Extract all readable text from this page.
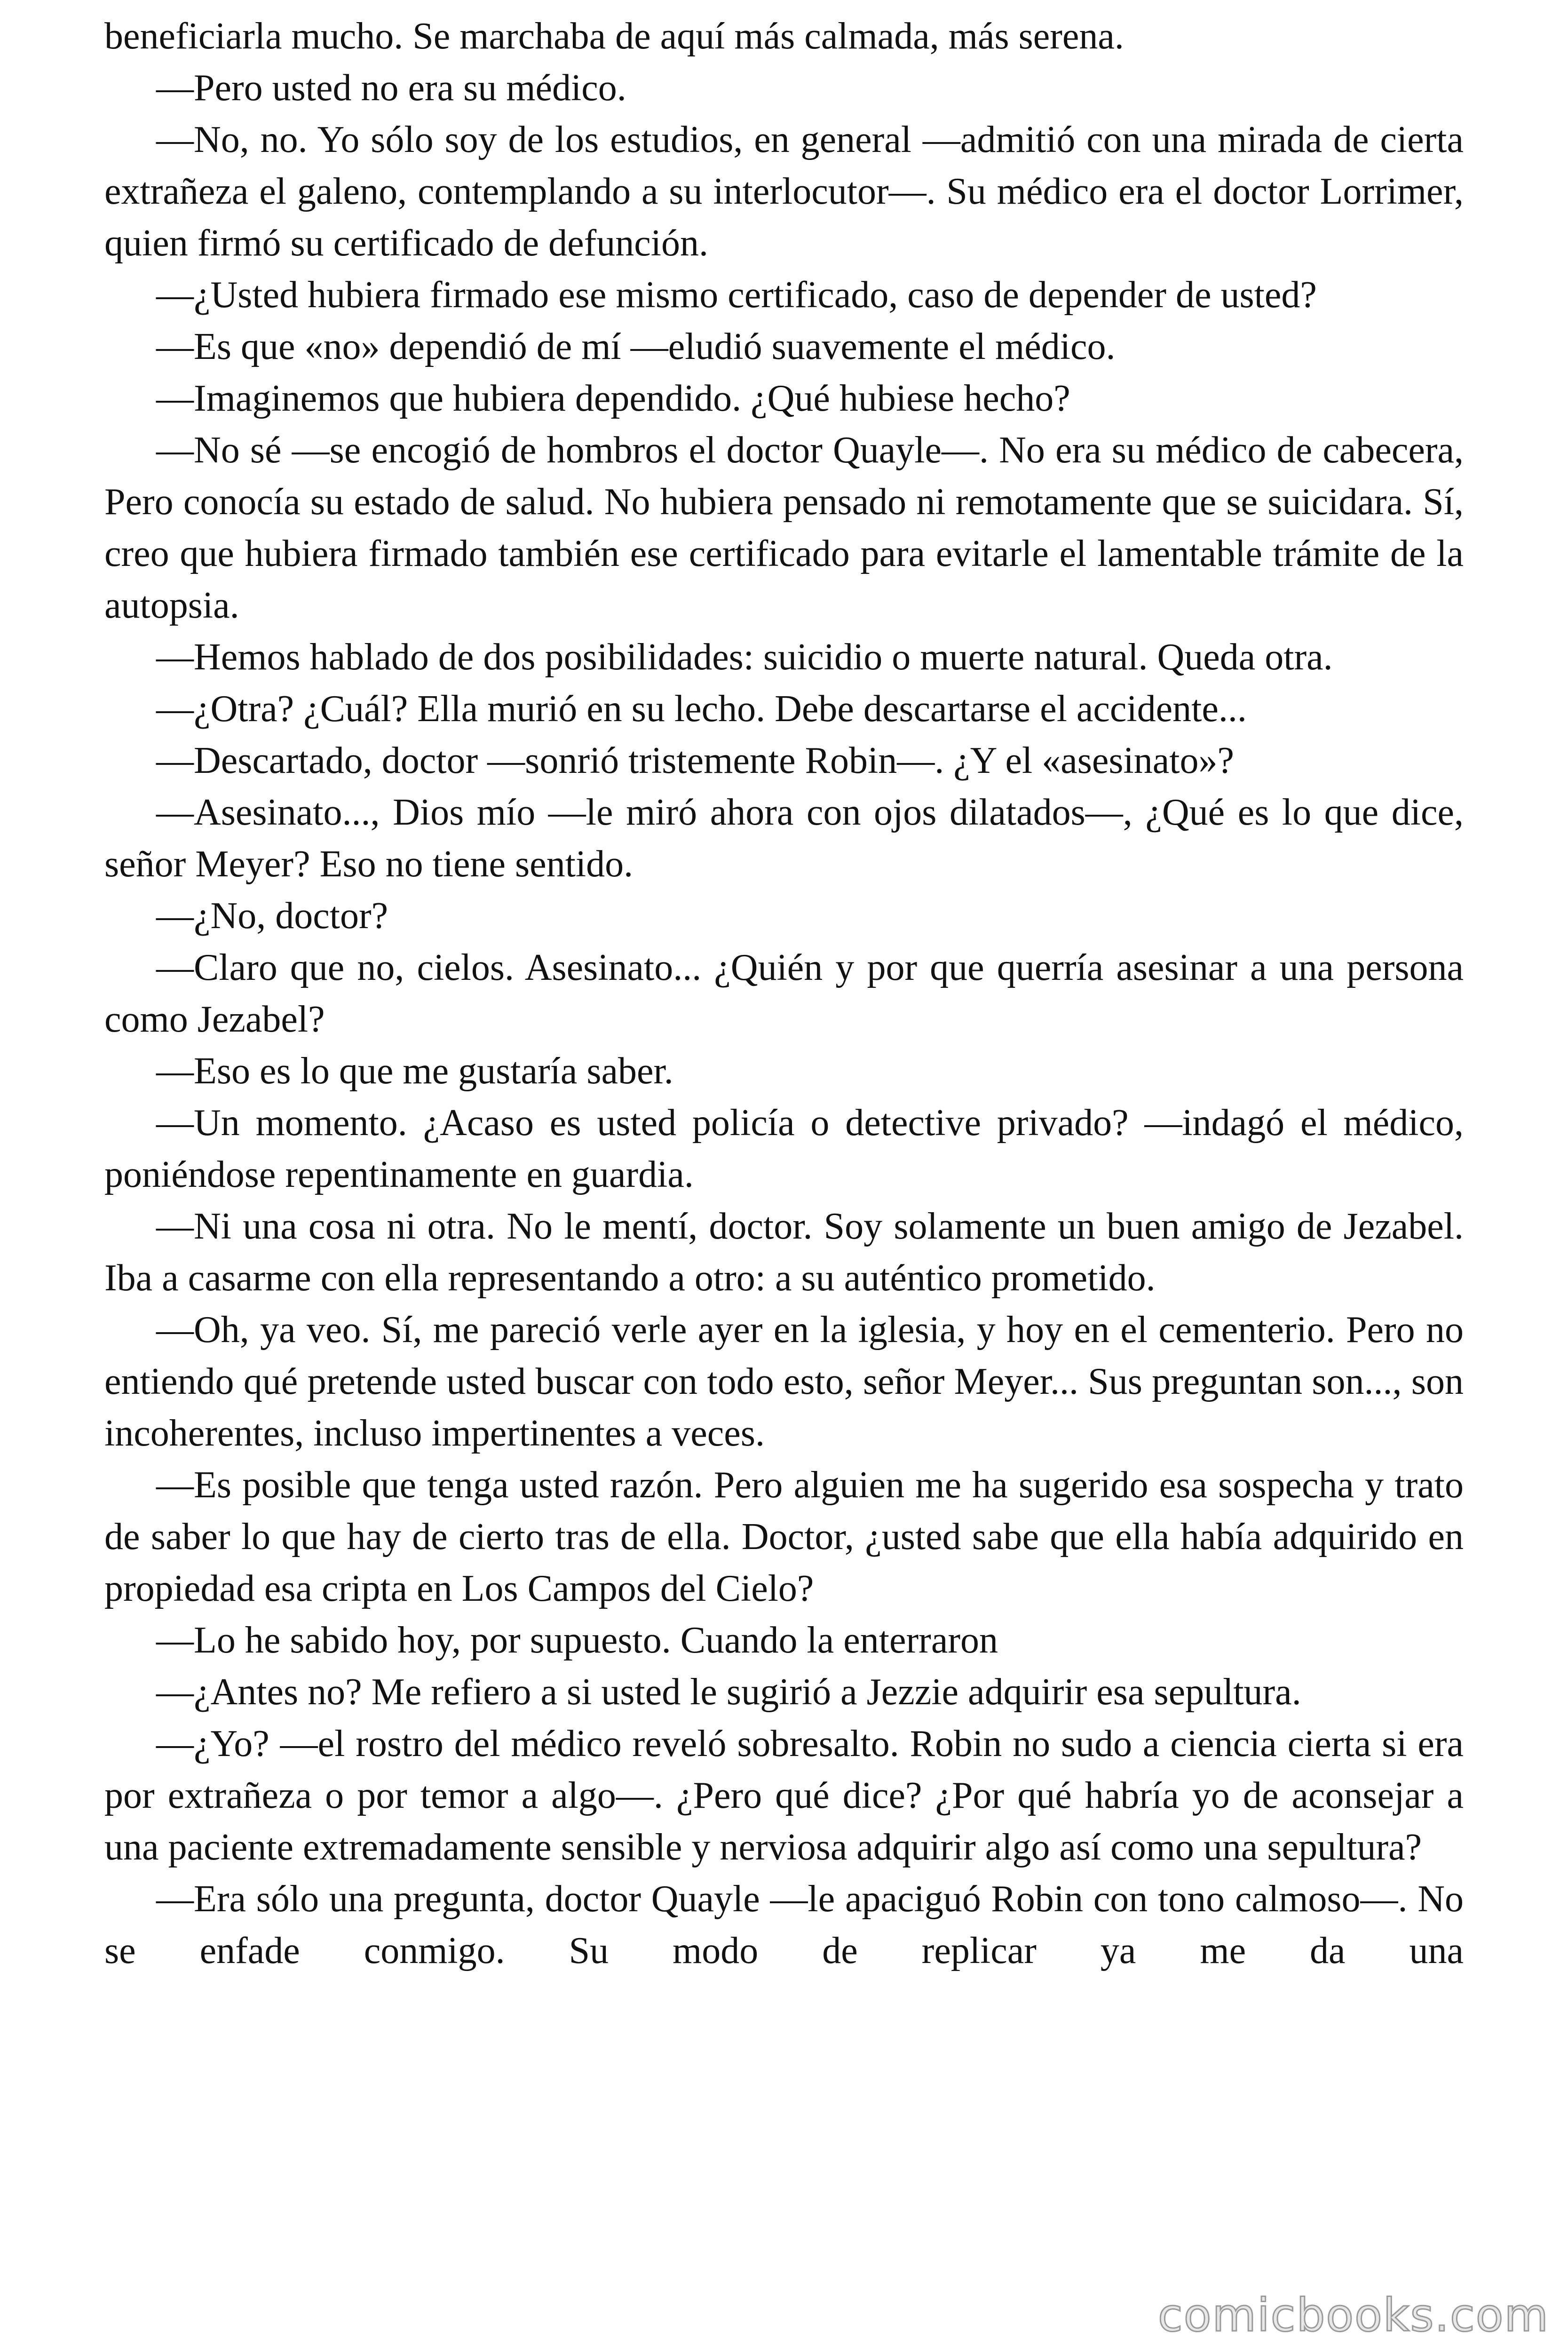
beneficiarla mucho. Se marchaba de aquí más calmada, más serena.

—Pero usted no era su médico.

—No, no. Yo sólo soy de los estudios, en general —admitió con una mirada de cierta extrañeza el galeno, contemplando a su interlocutor—. Su médico era el doctor Lorrimer, quien firmó su certificado de defunción.

—¿Usted hubiera firmado ese mismo certificado, caso de depender de usted?

—Es que «no» dependió de mí —eludió suavemente el médico.

—Imaginemos que hubiera dependido. ¿Qué hubiese hecho?

—No sé —se encogió de hombros el doctor Quayle—. No era su médico de cabecera, Pero conocía su estado de salud. No hubiera pensado ni remotamente que se suicidara. Sí, creo que hubiera firmado también ese certificado para evitarle el lamentable trámite de la autopsia.

—Hemos hablado de dos posibilidades: suicidio o muerte natural. Queda otra.

—¿Otra? ¿Cuál? Ella murió en su lecho. Debe descartarse el accidente...

—Descartado, doctor —sonrió tristemente Robin—. ¿Y el «asesinato»?

—Asesinato..., Dios mío —le miró ahora con ojos dilatados—, ¿Qué es lo que dice, señor Meyer? Eso no tiene sentido.

—¿No, doctor?

—Claro que no, cielos. Asesinato... ¿Quién y por que querría asesinar a una persona como Jezabel?

—Eso es lo que me gustaría saber.

—Un momento. ¿Acaso es usted policía o detective privado? —indagó el médico, poniéndose repentinamente en guardia.

—Ni una cosa ni otra. No le mentí, doctor. Soy solamente un buen amigo de Jezabel. Iba a casarme con ella representando a otro: a su auténtico prometido.

—Oh, ya veo. Sí, me pareció verle ayer en la iglesia, y hoy en el cementerio. Pero no entiendo qué pretende usted buscar con todo esto, señor Meyer... Sus preguntan son..., son incoherentes, incluso impertinentes a veces.

—Es posible que tenga usted razón. Pero alguien me ha sugerido esa sospecha y trato de saber lo que hay de cierto tras de ella. Doctor, ¿usted sabe que ella había adquirido en propiedad esa cripta en Los Campos del Cielo?

—Lo he sabido hoy, por supuesto. Cuando la enterraron

—¿Antes no? Me refiero a si usted le sugirió a Jezzie adquirir esa sepultura.

—¿Yo? —el rostro del médico reveló sobresalto. Robin no sudo a ciencia cierta si era por extrañeza o por temor a algo—. ¿Pero qué dice? ¿Por qué habría yo de aconsejar a una paciente extremadamente sensible y nerviosa adquirir algo así como una sepultura?

—Era sólo una pregunta, doctor Quayle —le apaciguó Robin con tono calmoso—. No se enfade conmigo. Su modo de replicar ya me da una

comicbooks.com
